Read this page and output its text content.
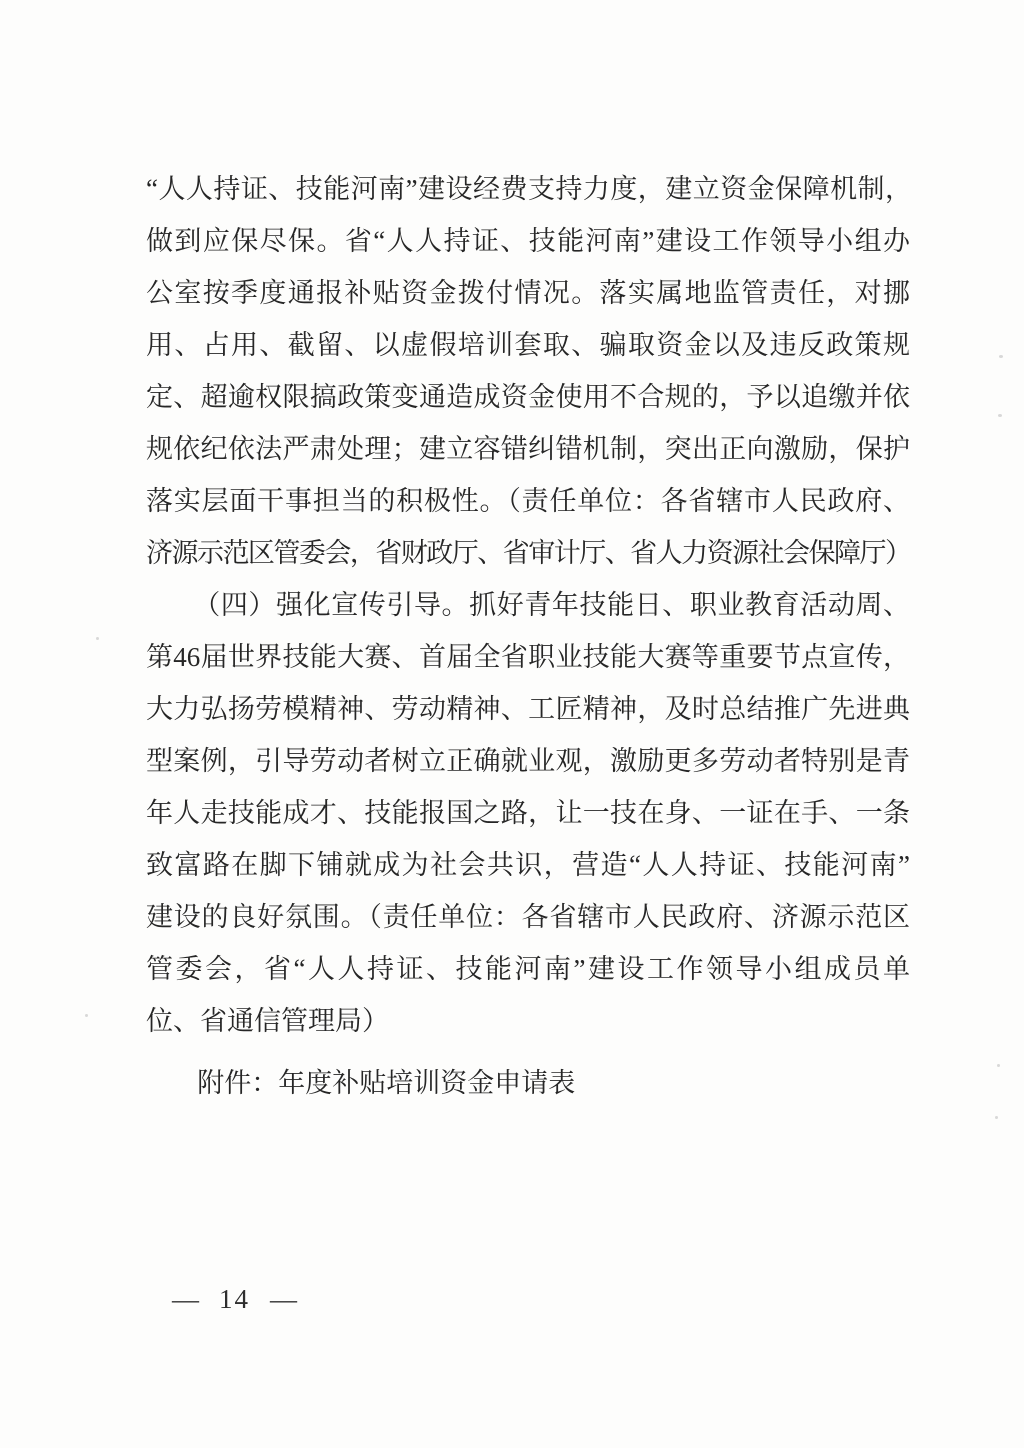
“人人持证、技能河南”建设经费支持力度，建立资金保障机制，
做到应保尽保。省“人人持证、技能河南”建设工作领导小组办
公室按季度通报补贴资金拨付情况。落实属地监管责任，对挪
用、占用、截留、以虚假培训套取、骗取资金以及违反政策规
定、超逾权限搞政策变通造成资金使用不合规的，予以追缴并依
规依纪依法严肃处理；建立容错纠错机制，突出正向激励，保护
落实层面干事担当的积极性。（责任单位：各省辖市人民政府、
济源示范区管委会，省财政厅、省审计厅、省人力资源社会保障厅）
（四）强化宣传引导。抓好青年技能日、职业教育活动周、
第46届世界技能大赛、首届全省职业技能大赛等重要节点宣传，
大力弘扬劳模精神、劳动精神、工匠精神，及时总结推广先进典
型案例，引导劳动者树立正确就业观，激励更多劳动者特别是青
年人走技能成才、技能报国之路，让一技在身、一证在手、一条
致富路在脚下铺就成为社会共识，营造“人人持证、技能河南”
建设的良好氛围。（责任单位：各省辖市人民政府、济源示范区
管委会，省“人人持证、技能河南”建设工作领导小组成员单
位、省通信管理局）
附件：年度补贴培训资金申请表
— 14 —
